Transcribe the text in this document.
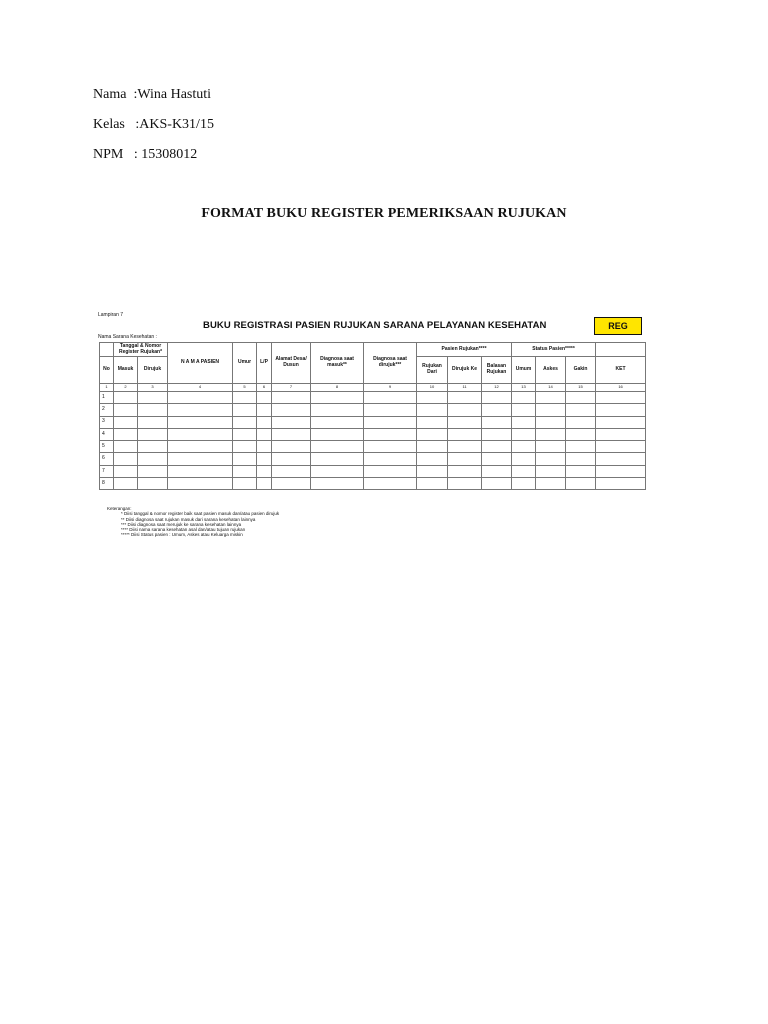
Nama :Wina Hastuti
Kelas :AKS-K31/15
NPM : 15308012
FORMAT BUKU REGISTER PEMERIKSAAN RUJUKAN
Lampiran 7
BUKU REGISTRASI PASIEN RUJUKAN SARANA PELAYANAN KESEHATAN	REG
Nama Sarana Kesehatan :
	Tanggal & Nomor Register Rujukan*		N A M A PASIEN	Umur	L/P	Alamat Desa/ Dusun	Diagnosa saat masuk**	Diagnosa saat dirujuk***	Pasien Rujukan****			Status Pasien*****			

No	Masuk	Dirujuk							Rujukan Dari	Dirujuk Ke	Balasan Rujukan	Umum	Askes	Gakin	KET
1	2	3	4	5	6	7	8	9	10	11	12	13	14	15	16
1															
2															
3															
4															
5															
6															
7															
8															
Keterangan:
* Diisi tanggal & nomor register baik saat pasien masuk dan/atau pasien dirujuk
** Diisi diagnosa saat rujukan masuk dari sarana kesehatan lainnya
*** Diisi diagnosa saat merujuk ke sarana kesehatan lainnya
**** Diisi nama sarana kesehatan asal dan/atau tujuan rujukan
***** Diisi Status pasien : Umum, Askes atau Keluarga miskin
